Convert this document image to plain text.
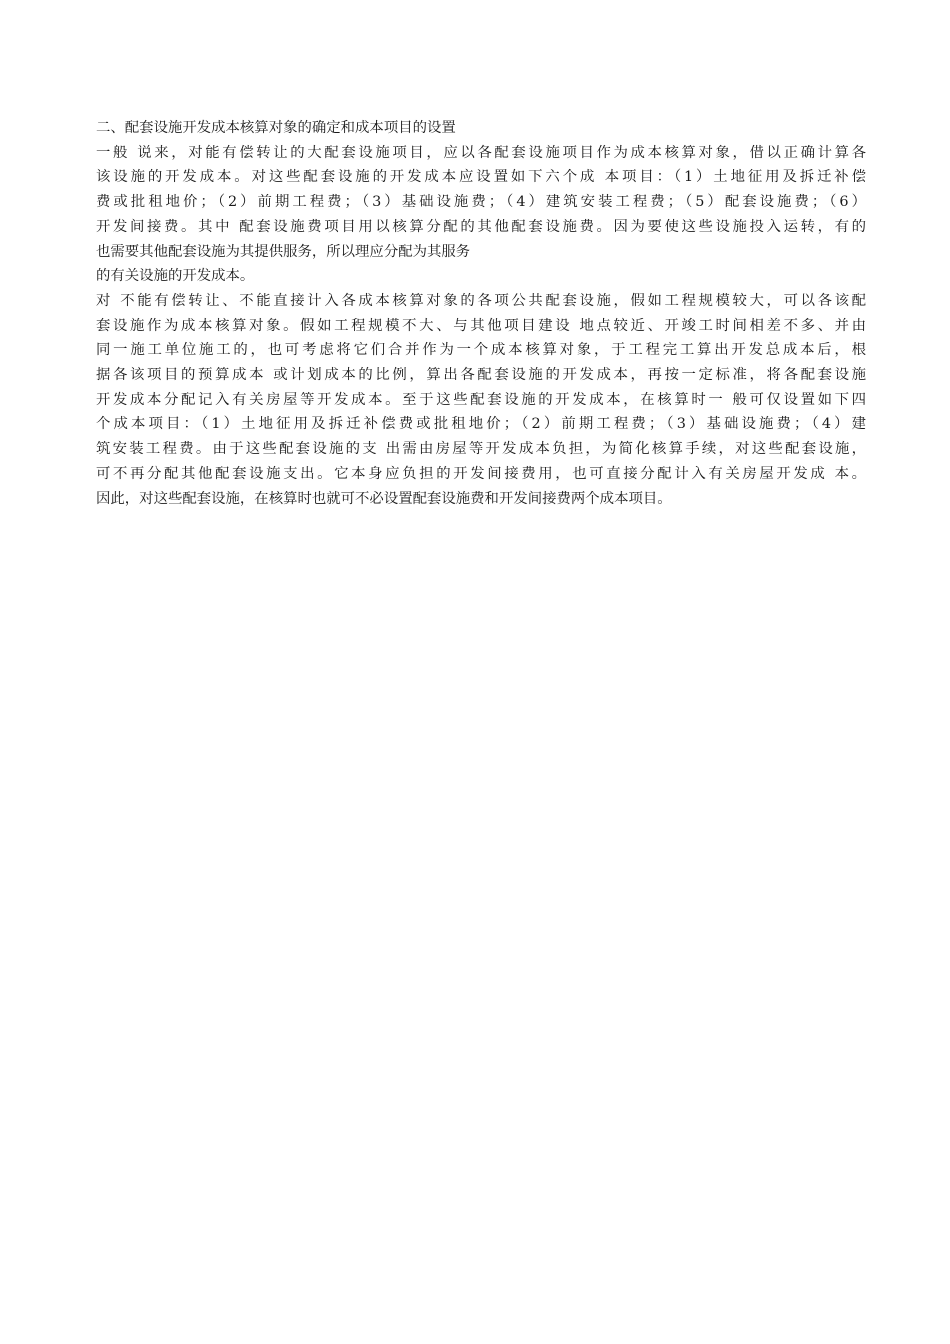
二、配套设施开发成本核算对象的确定和成本项目的设置
一般 说来，对能有偿转让的大配套设施项目，应以各配套设施项目作为成本核算对象，借以正确计算各
该设施的开发成本。对这些配套设施的开发成本应设置如下六个成 本项目：（1）土地征用及拆迁补偿
费或批租地价；（2）前期工程费；（3）基础设施费；（4）建筑安装工程费；（5）配套设施费；（6）
开发间接费。其中 配套设施费项目用以核算分配的其他配套设施费。因为要使这些设施投入运转，有的
也需要其他配套设施为其提供服务，所以理应分配为其服务
的有关设施的开发成本。
对 不能有偿转让、不能直接计入各成本核算对象的各项公共配套设施，假如工程规模较大，可以各该配
套设施作为成本核算对象。假如工程规模不大、与其他项目建设 地点较近、开竣工时间相差不多、并由
同一施工单位施工的，也可考虑将它们合并作为一个成本核算对象，于工程完工算出开发总成本后，根
据各该项目的预算成本 或计划成本的比例，算出各配套设施的开发成本，再按一定标准，将各配套设施
开发成本分配记入有关房屋等开发成本。至于这些配套设施的开发成本，在核算时一 般可仅设置如下四
个成本项目：（1）土地征用及拆迁补偿费或批租地价；（2）前期工程费；（3）基础设施费；（4）建
筑安装工程费。由于这些配套设施的支 出需由房屋等开发成本负担，为简化核算手续，对这些配套设施，
可不再分配其他配套设施支出。它本身应负担的开发间接费用，也可直接分配计入有关房屋开发成 本。
因此，对这些配套设施，在核算时也就可不必设置配套设施费和开发间接费两个成本项目。
